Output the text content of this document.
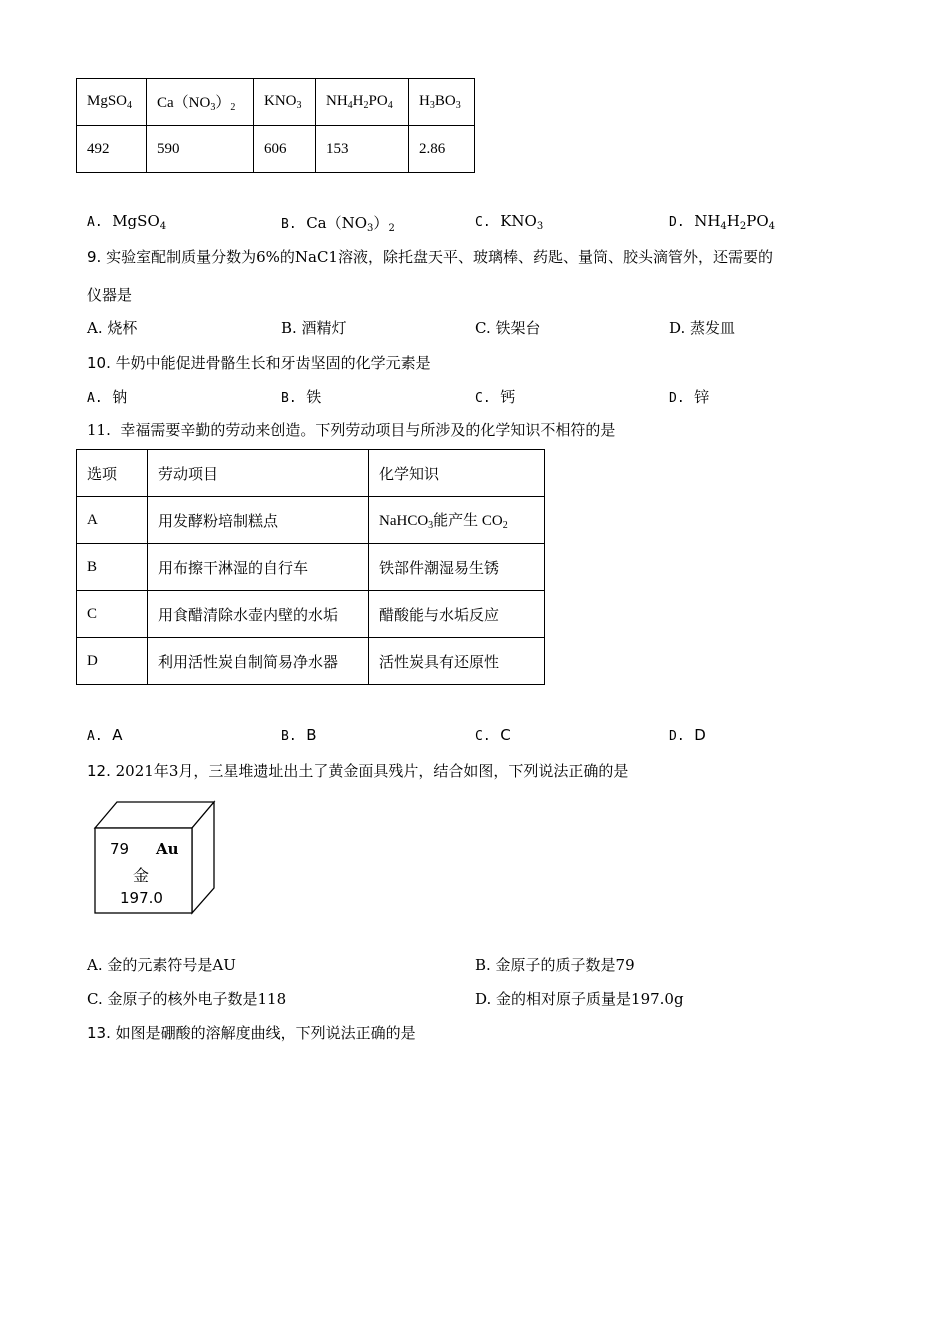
MgSO$_4$	$Ca(NO_3)_2$	$KNO_3$	$NH_4H_2PO_4$	$H_3BO_3$
492	590	606	153	2.86
A. MgSO$_4$	B. $Ca(NO_3)_2$	C. $KNO_3$	D. $NH_4H_2PO_4$
9. 实验室配制质量分数为6%的NaC1溶液，除托盘天平、玻璃棒、药匙、量筒、胶头滴管外，还需要的
仪器是
A. 烧杯	B. 酒精灯	C. 铁架台	D. 蒸发皿
10. 牛奶中能促进骨骼生长和牙齿坚固的化学元素是
A. 钠	B. 铁	C. 钙	D. 锌
11. 幸福需要辛勤的劳动来创造。下列劳动项目与所涉及的化学知识不相符的是
选项	劳动项目	化学知识
A	用发酵粉培制糕点	NaHCO$_3$能产生 $CO_2$
B	用布擦干淋湿的自行车	铁部件潮湿易生锈
C	用食醋清除水壶内壁的水垢	醋酸能与水垢反应
D	利用活性炭自制简易净水器	活性炭具有还原性
A. A	B. B	C. C	D. D
12. 2021年3月，三星堆遗址出土了黄金面具残片，结合如图，下列说法正确的是
79 Au
金
197.0
A. 金的元素符号是AU	B. 金原子的质子数是79
C. 金原子的核外电子数是118	D. 金的相对原子质量是197.0g
13. 如图是硼酸的溶解度曲线，下列说法正确的是
